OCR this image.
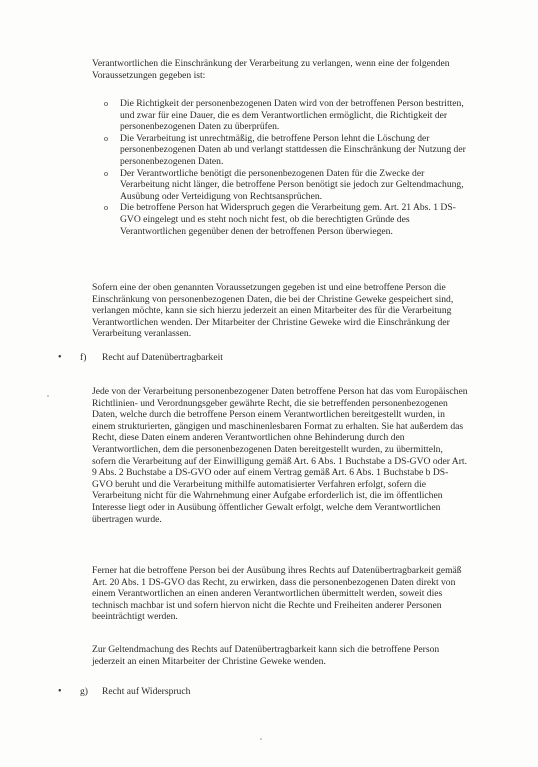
Verantwortlichen die Einschränkung der Verarbeitung zu verlangen, wenn eine der folgenden Voraussetzungen gegeben ist:

o Die Richtigkeit der personenbezogenen Daten wird von der betroffenen Person bestritten, und zwar für eine Dauer, die es dem Verantwortlichen ermöglicht, die Richtigkeit der personenbezogenen Daten zu überprüfen.
o Die Verarbeitung ist unrechtmäßig, die betroffene Person lehnt die Löschung der personenbezogenen Daten ab und verlangt stattdessen die Einschränkung der Nutzung der personenbezogenen Daten.
o Der Verantwortliche benötigt die personenbezogenen Daten für die Zwecke der Verarbeitung nicht länger, die betroffene Person benötigt sie jedoch zur Geltendmachung, Ausübung oder Verteidigung von Rechtsansprüchen.
o Die betroffene Person hat Widerspruch gegen die Verarbeitung gem. Art. 21 Abs. 1 DS-GVO eingelegt und es steht noch nicht fest, ob die berechtigten Gründe des Verantwortlichen gegenüber denen der betroffenen Person überwiegen.

Sofern eine der oben genannten Voraussetzungen gegeben ist und eine betroffene Person die Einschränkung von personenbezogenen Daten, die bei der Christine Geweke gespeichert sind, verlangen möchte, kann sie sich hierzu jederzeit an einen Mitarbeiter des für die Verarbeitung Verantwortlichen wenden. Der Mitarbeiter der Christine Geweke wird die Einschränkung der Verarbeitung veranlassen.

• f) Recht auf Datenübertragbarkeit

Jede von der Verarbeitung personenbezogener Daten betroffene Person hat das vom Europäischen Richtlinien- und Verordnungsgeber gewährte Recht, die sie betreffenden personenbezogenen Daten, welche durch die betroffene Person einem Verantwortlichen bereitgestellt wurden, in einem strukturierten, gängigen und maschinenlesbaren Format zu erhalten. Sie hat außerdem das Recht, diese Daten einem anderen Verantwortlichen ohne Behinderung durch den Verantwortlichen, dem die personenbezogenen Daten bereitgestellt wurden, zu übermitteln, sofern die Verarbeitung auf der Einwilligung gemäß Art. 6 Abs. 1 Buchstabe a DS-GVO oder Art. 9 Abs. 2 Buchstabe a DS-GVO oder auf einem Vertrag gemäß Art. 6 Abs. 1 Buchstabe b DS-GVO beruht und die Verarbeitung mithilfe automatisierter Verfahren erfolgt, sofern die Verarbeitung nicht für die Wahrnehmung einer Aufgabe erforderlich ist, die im öffentlichen Interesse liegt oder in Ausübung öffentlicher Gewalt erfolgt, welche dem Verantwortlichen übertragen wurde.

Ferner hat die betroffene Person bei der Ausübung ihres Rechts auf Datenübertragbarkeit gemäß Art. 20 Abs. 1 DS-GVO das Recht, zu erwirken, dass die personenbezogenen Daten direkt von einem Verantwortlichen an einen anderen Verantwortlichen übermittelt werden, soweit dies technisch machbar ist und sofern hiervon nicht die Rechte und Freiheiten anderer Personen beeinträchtigt werden.

Zur Geltendmachung des Rechts auf Datenübertragbarkeit kann sich die betroffene Person jederzeit an einen Mitarbeiter der Christine Geweke wenden.

• g) Recht auf Widerspruch
